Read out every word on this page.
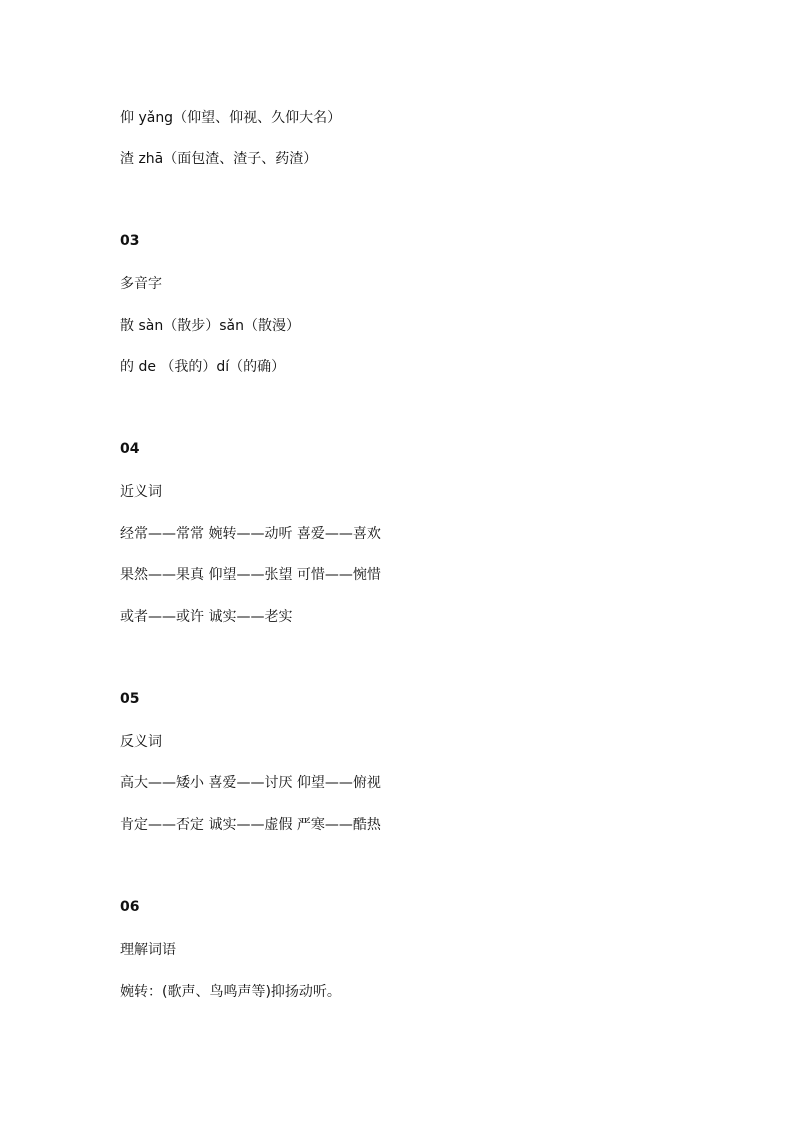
仰 yǎng（仰望、仰视、久仰大名）
渣 zhā（面包渣、渣子、药渣）
03
多音字
散 sàn（散步）sǎn（散漫）
的 de （我的）dí（的确）
04
近义词
经常——常常 婉转——动听 喜爱——喜欢
果然——果真 仰望——张望 可惜——惋惜
或者——或许 诚实——老实
05
反义词
高大——矮小 喜爱——讨厌 仰望——俯视
肯定——否定 诚实——虚假 严寒——酷热
06
理解词语
婉转：(歌声、鸟鸣声等)抑扬动听。
